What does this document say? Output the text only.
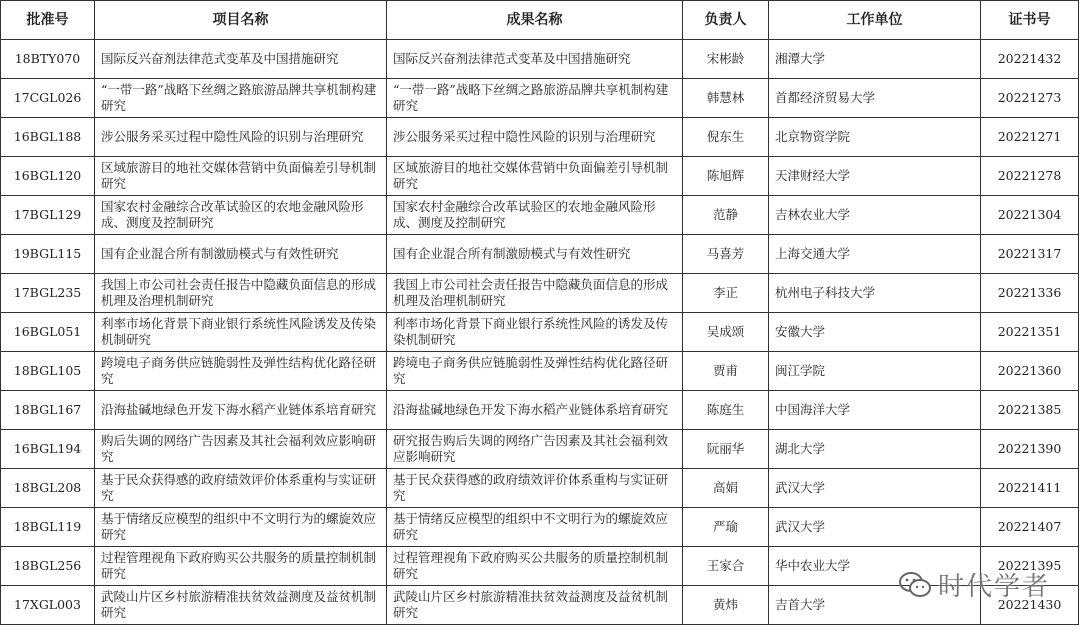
批准号	项目名称	成果名称	负责人	工作单位	证书号
18BTY070	国际反兴奋剂法律范式变革及中国措施研究	国际反兴奋剂法律范式变革及中国措施研究	宋彬龄	湘潭大学	20221432
17CGL026	“一带一路”战略下丝绸之路旅游品牌共享机制构建研究	“一带一路”战略下丝绸之路旅游品牌共享机制构建研究	韩慧林	首都经济贸易大学	20221273
16BGL188	涉公服务采买过程中隐性风险的识别与治理研究	涉公服务采买过程中隐性风险的识别与治理研究	倪东生	北京物资学院	20221271
16BGL120	区域旅游目的地社交媒体营销中负面偏差引导机制研究	区域旅游目的地社交媒体营销中负面偏差引导机制研究	陈旭辉	天津财经大学	20221278
17BGL129	国家农村金融综合改革试验区的农地金融风险形成、测度及控制研究	国家农村金融综合改革试验区的农地金融风险形成、测度及控制研究	范静	吉林农业大学	20221304
19BGL115	国有企业混合所有制激励模式与有效性研究	国有企业混合所有制激励模式与有效性研究	马喜芳	上海交通大学	20221317
17BGL235	我国上市公司社会责任报告中隐藏负面信息的形成机理及治理机制研究	我国上市公司社会责任报告中隐藏负面信息的形成机理及治理机制研究	李正	杭州电子科技大学	20221336
16BGL051	利率市场化背景下商业银行系统性风险诱发及传染机制研究	利率市场化背景下商业银行系统性风险的诱发及传染机制研究	吴成颂	安徽大学	20221351
18BGL105	跨境电子商务供应链脆弱性及弹性结构优化路径研究	跨境电子商务供应链脆弱性及弹性结构优化路径研究	贾甫	闽江学院	20221360
18BGL167	沿海盐碱地绿色开发下海水稻产业链体系培育研究	沿海盐碱地绿色开发下海水稻产业链体系培育研究	陈庭生	中国海洋大学	20221385
16BGL194	购后失调的网络广告因素及其社会福利效应影响研究	研究报告购后失调的网络广告因素及其社会福利效应影响研究	阮丽华	湖北大学	20221390
18BGL208	基于民众获得感的政府绩效评价体系重构与实证研究	基于民众获得感的政府绩效评价体系重构与实证研究	高娟	武汉大学	20221411
18BGL119	基于情绪反应模型的组织中不文明行为的螺旋效应研究	基于情绪反应模型的组织中不文明行为的螺旋效应研究	严瑜	武汉大学	20221407
18BGL256	过程管理视角下政府购买公共服务的质量控制机制研究	过程管理视角下政府购买公共服务的质量控制机制研究	王家合	华中农业大学	20221395
17XGL003	武陵山片区乡村旅游精准扶贫效益测度及益贫机制研究	武陵山片区乡村旅游精准扶贫效益测度及益贫机制研究	黄炜	吉首大学	20221430
时代学者
